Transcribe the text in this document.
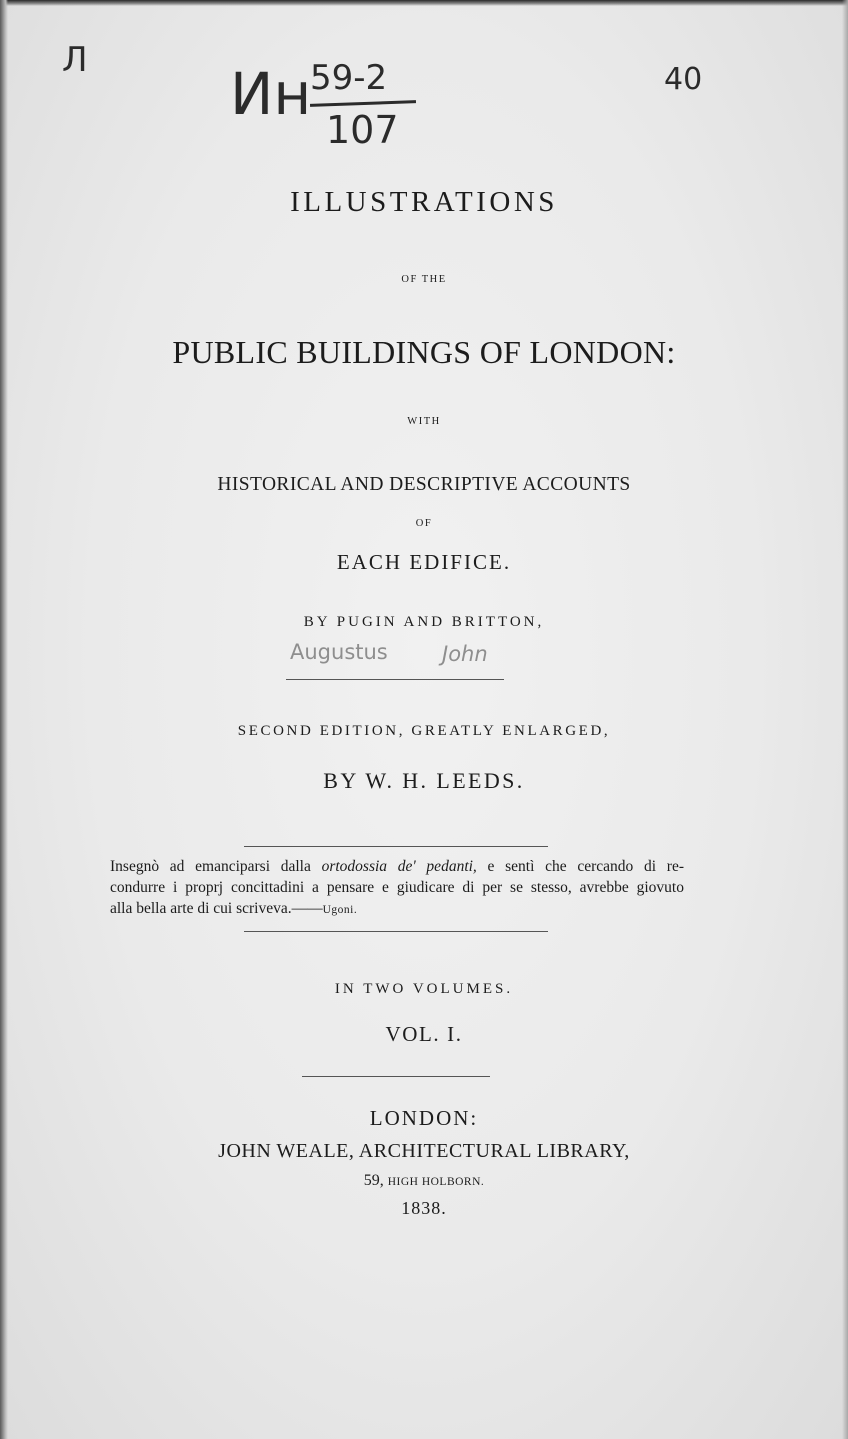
Л Ин
59-2
107
40
ILLUSTRATIONS
OF THE
PUBLIC BUILDINGS OF LONDON:
WITH
HISTORICAL AND DESCRIPTIVE ACCOUNTS
OF
EACH EDIFICE.
BY PUGIN AND BRITTON,
Augustus	John
SECOND EDITION, GREATLY ENLARGED,
BY W. H. LEEDS.
Insegnò ad emanciparsi dalla ortodossia de' pedanti, e sentì che cercando di re-
condurre i proprj concittadini a pensare e giudicare di per se stesso, avrebbe giovuto
alla bella arte di cui scriveva.——Ugoni.
IN TWO VOLUMES.
VOL. I.
LONDON:
JOHN WEALE, ARCHITECTURAL LIBRARY,
59, HIGH HOLBORN.
1838.
